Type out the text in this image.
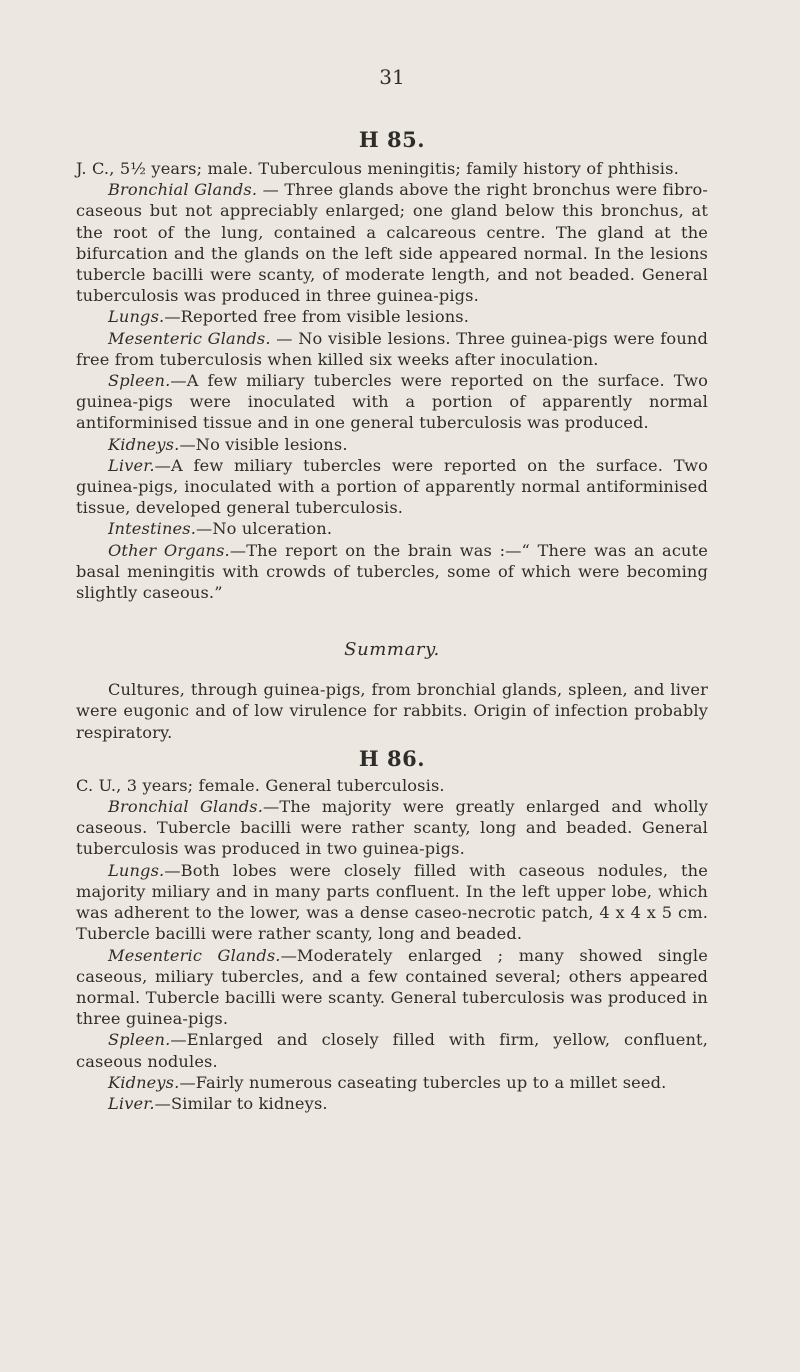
31
H 85.

J. C., 5½ years; male. Tuberculous meningitis; family history of phthisis.

Bronchial Glands. — Three glands above the right bronchus were fibro-caseous but not appreciably enlarged; one gland below this bronchus, at the root of the lung, contained a calcareous centre. The gland at the bifurcation and the glands on the left side appeared normal. In the lesions tubercle bacilli were scanty, of moderate length, and not beaded. General tuberculosis was produced in three guinea-pigs.

Lungs.—Reported free from visible lesions.

Mesenteric Glands. — No visible lesions. Three guinea-pigs were found free from tuberculosis when killed six weeks after inoculation.

Spleen.—A few miliary tubercles were reported on the surface. Two guinea-pigs were inoculated with a portion of apparently normal antiforminised tissue and in one general tuberculosis was produced.

Kidneys.—No visible lesions.

Liver.—A few miliary tubercles were reported on the surface. Two guinea-pigs, inoculated with a portion of apparently normal antiforminised tissue, developed general tuberculosis.

Intestines.—No ulceration.

Other Organs.—The report on the brain was :—“ There was an acute basal meningitis with crowds of tubercles, some of which were becoming slightly caseous.”

Summary.

Cultures, through guinea-pigs, from bronchial glands, spleen, and liver were eugonic and of low virulence for rabbits. Origin of infection probably respiratory.

H 86.

C. U., 3 years; female. General tuberculosis.

Bronchial Glands.—The majority were greatly enlarged and wholly caseous. Tubercle bacilli were rather scanty, long and beaded. General tuberculosis was produced in two guinea-pigs.

Lungs.—Both lobes were closely filled with caseous nodules, the majority miliary and in many parts confluent. In the left upper lobe, which was adherent to the lower, was a dense caseo-necrotic patch, 4 x 4 x 5 cm. Tubercle bacilli were rather scanty, long and beaded.

Mesenteric Glands.—Moderately enlarged ; many showed single caseous, miliary tubercles, and a few contained several; others appeared normal. Tubercle bacilli were scanty. General tuberculosis was produced in three guinea-pigs.

Spleen.—Enlarged and closely filled with firm, yellow, confluent, caseous nodules.

Kidneys.—Fairly numerous caseating tubercles up to a millet seed.

Liver.—Similar to kidneys.
